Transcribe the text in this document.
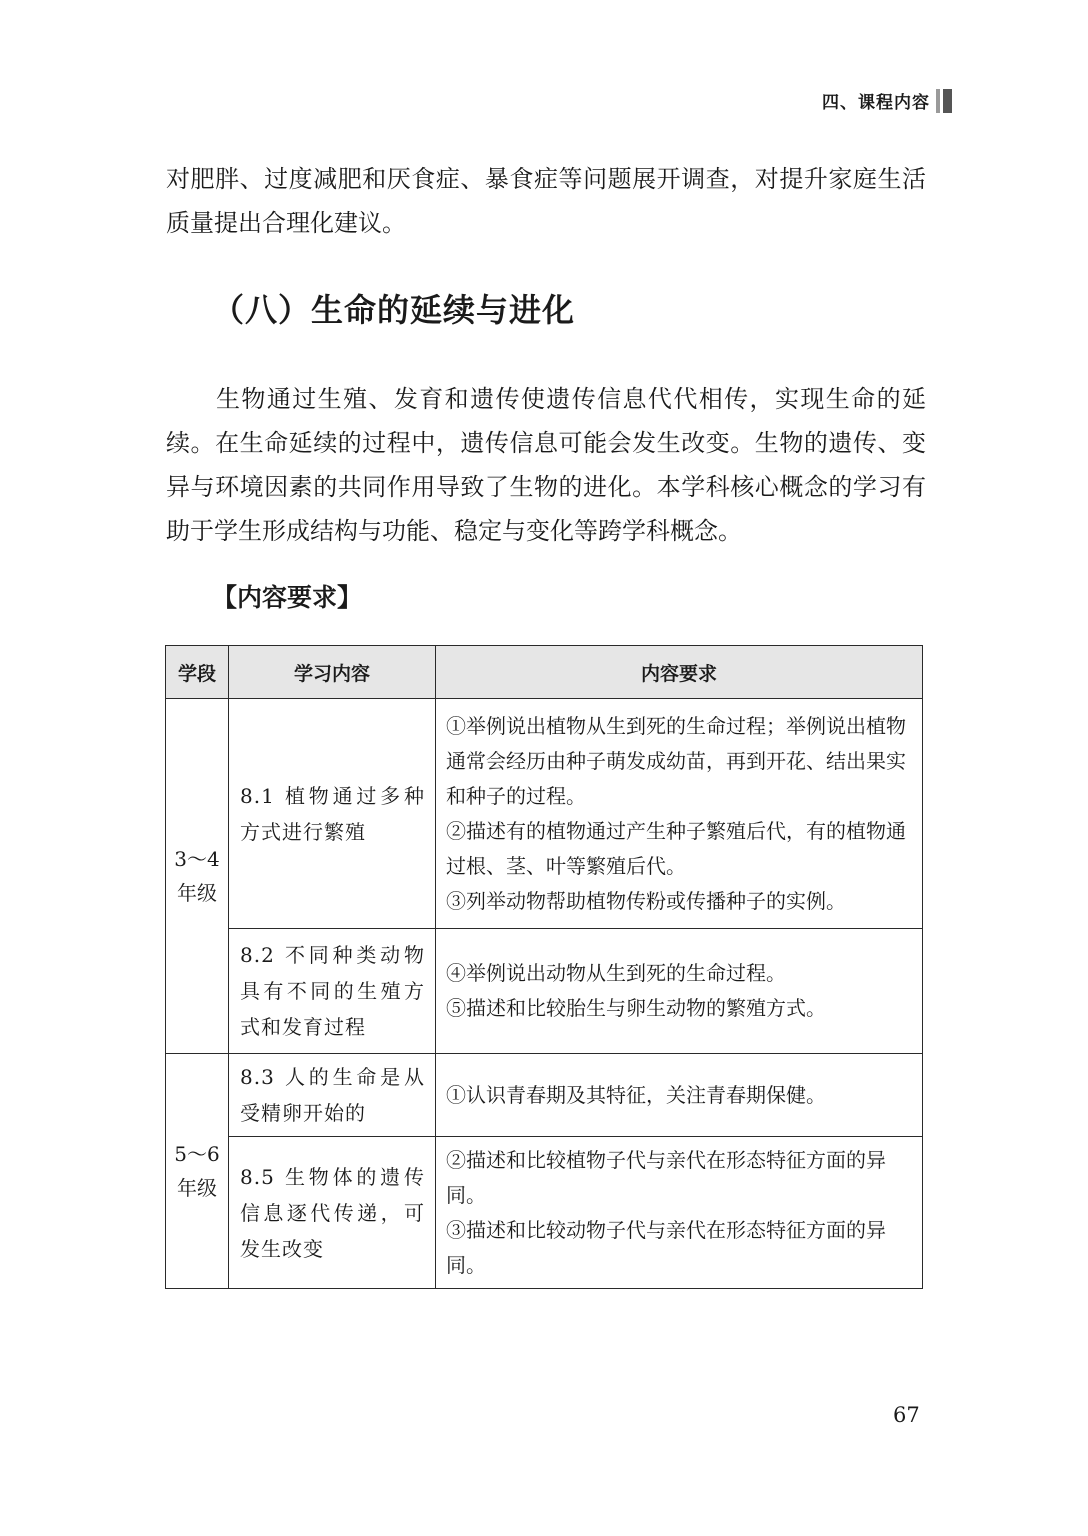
四、课程内容

对肥胖、过度减肥和厌食症、暴食症等问题展开调查，对提升家庭生活质量提出合理化建议。

（八）生命的延续与进化

生物通过生殖、发育和遗传使遗传信息代代相传，实现生命的延续。在生命延续的过程中，遗传信息可能会发生改变。生物的遗传、变异与环境因素的共同作用导致了生物的进化。本学科核心概念的学习有助于学生形成结构与功能、稳定与变化等跨学科概念。

【内容要求】
学段	学习内容	内容要求
3～4
年级	8.1 植物通过多种方式进行繁殖	①举例说出植物从生到死的生命过程；举例说出植物通常会经历由种子萌发成幼苗，再到开花、结出果实和种子的过程。
②描述有的植物通过产生种子繁殖后代，有的植物通过根、茎、叶等繁殖后代。
③列举动物帮助植物传粉或传播种子的实例。

	8.2 不同种类动物具有不同的生殖方式和发育过程	④举例说出动物从生到死的生命过程。
⑤描述和比较胎生与卵生动物的繁殖方式。

5～6
年级	8.3 人的生命是从受精卵开始的	①认识青春期及其特征，关注青春期保健。

	8.5 生物体的遗传信息逐代传递，可发生改变	②描述和比较植物子代与亲代在形态特征方面的异同。
③描述和比较动物子代与亲代在形态特征方面的异同。
67
